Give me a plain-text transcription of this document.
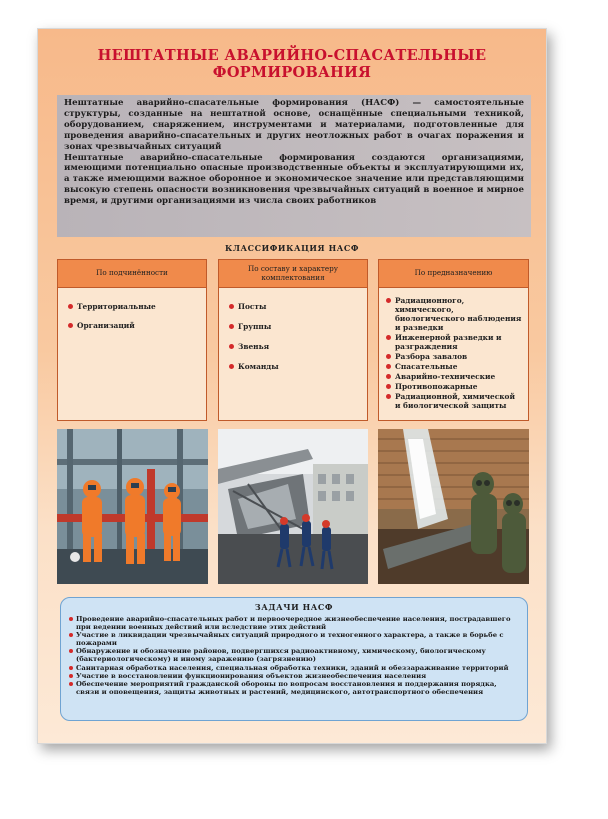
НЕШТАТНЫЕ АВАРИЙНО-СПАСАТЕЛЬНЫЕ
ФОРМИРОВАНИЯ

Нештатные аварийно-спасательные формирования (НАСФ) — самостоятельные структуры, созданные на нештатной основе, оснащённые специальными техникой, оборудованием, снаряжением, инструментами и материалами, подготовленные для проведения аварийно-спасательных и других неотложных работ в очагах поражения и зонах чрезвычайных ситуаций

Нештатные аварийно-спасательные формирования создаются организациями, имеющими потенциально опасные производственные объекты и эксплуатирующими их, а также имеющими важное оборонное и экономическое значение или представляющими высокую степень опасности возникновения чрезвычайных ситуаций в военное и мирное время, и другими организациями из числа своих работников

КЛАССИФИКАЦИЯ НАСФ
По подчинённости
Территориальные
Организаций
По составу и характеру комплектования
Посты
Группы
Звенья
Команды
По предназначению
Радиационного, химического, биологического наблюдения и разведки
Инженерной разведки и разграждения
Разбора завалов
Спасательные
Аварийно-технические
Противопожарные
Радиационной, химической и биологической защиты
ЗАДАЧИ НАСФ
Проведение аварийно-спасательных работ и первоочередное жизнеобеспечение населения, пострадавшего при ведении военных действий или вследствие этих действий
Участие в ликвидации чрезвычайных ситуаций природного и техногенного характера, а также в борьбе с пожарами
Обнаружение и обозначение районов, подвергшихся радиоактивному, химическому, биологическому (бактериологическому) и иному заражению (загрязнению)
Санитарная обработка населения, специальная обработка техники, зданий и обеззараживание территорий
Участие в восстановлении функционирования объектов жизнеобеспечения населения
Обеспечение мероприятий гражданской обороны по вопросам восстановления и поддержания порядка, связи и оповещения, защиты животных и растений, медицинского, автотранспортного обеспечения
